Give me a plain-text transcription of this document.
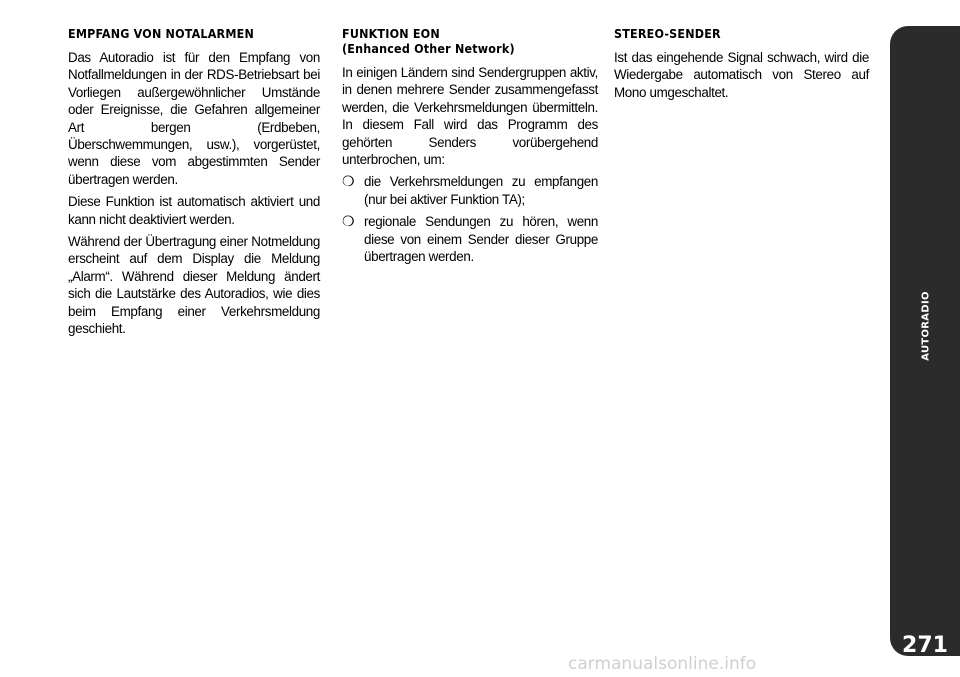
EMPFANG VON NOTALARMEN

Das Autoradio ist für den Empfang von Notfallmeldungen in der RDS-Betriebsart bei Vorliegen außergewöhnlicher Umstände oder Ereignisse, die Gefahren allgemeiner Art bergen (Erdbeben, Überschwemmungen, usw.), vorgerüstet, wenn diese vom abgestimmten Sender übertragen werden.

Diese Funktion ist automatisch aktiviert und kann nicht deaktiviert werden.

Während der Übertragung einer Notmeldung erscheint auf dem Display die Meldung „Alarm“. Während dieser Meldung ändert sich die Lautstärke des Autoradios, wie dies beim Empfang einer Verkehrsmeldung geschieht.

FUNKTION EON
(Enhanced Other Network)

In einigen Ländern sind Sendergruppen aktiv, in denen mehrere Sender zusammengefasst werden, die Verkehrsmeldungen übermitteln. In diesem Fall wird das Programm des gehörten Senders vorübergehend unterbrochen, um:

❍ die Verkehrsmeldungen zu empfangen (nur bei aktiver Funktion TA);
❍ regionale Sendungen zu hören, wenn diese von einem Sender dieser Gruppe übertragen werden.
STEREO-SENDER

Ist das eingehende Signal schwach, wird die Wiedergabe automatisch von Stereo auf Mono umgeschaltet.

AUTORADIO
271
carmanualsonline.info
